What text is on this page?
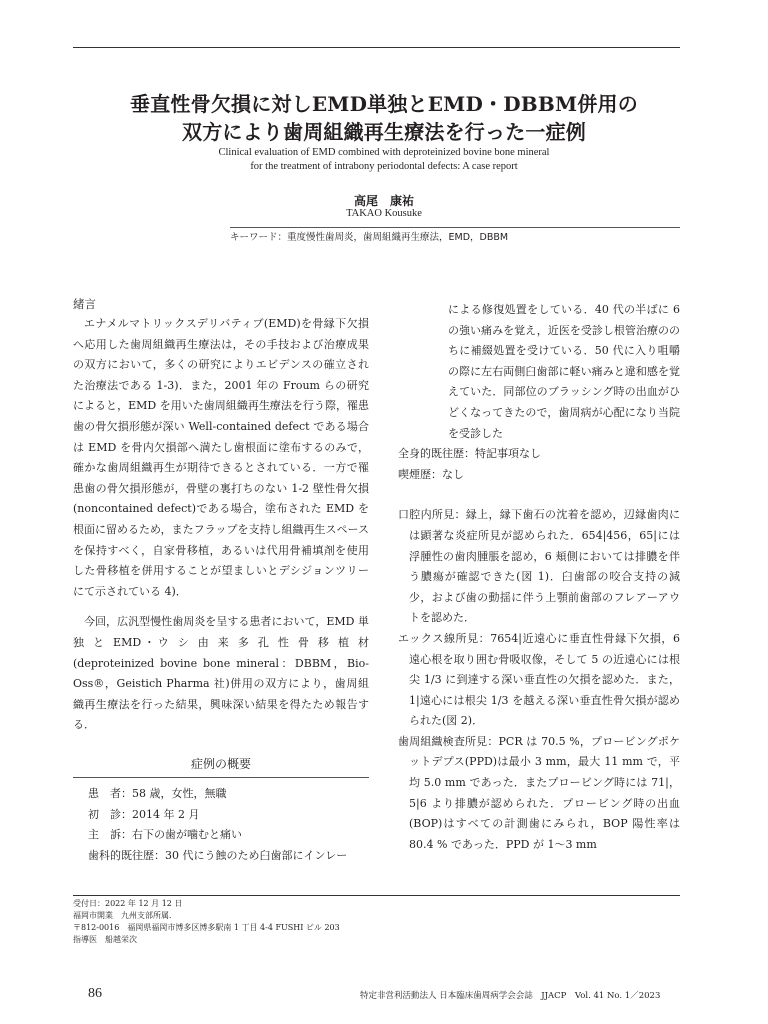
垂直性骨欠損に対しEMD単独とEMD・DBBM併用の
双方により歯周組織再生療法を行った一症例
Clinical evaluation of EMD combined with deproteinized bovine bone mineral
for the treatment of intrabony periodontal defects: A case report
高尾　康祐
TAKAO Kousuke
キーワード：重度慢性歯周炎，歯周組織再生療法，EMD，DBBM
緒言

エナメルマトリックスデリバティブ(EMD)を骨縁下欠損へ応用した歯周組織再生療法は，その手技および治療成果の双方において，多くの研究によりエビデンスの確立された治療法である 1-3)．また，2001 年の Froum らの研究によると，EMD を用いた歯周組織再生療法を行う際，罹患歯の骨欠損形態が深い Well-contained defect である場合は EMD を骨内欠損部へ満たし歯根面に塗布するのみで，確かな歯周組織再生が期待できるとされている．一方で罹患歯の骨欠損形態が，骨壁の裏打ちのない 1-2 壁性骨欠損(noncontained defect)である場合，塗布された EMD を根面に留めるため，またフラップを支持し組織再生スペースを保持すべく，自家骨移植，あるいは代用骨補填剤を使用した骨移植を併用することが望ましいとデシジョンツリーにて示されている 4)．

今回，広汎型慢性歯周炎を呈する患者において，EMD 単 独 と EMD・ウ シ 由 来 多 孔 性 骨 移 植 材(deproteinized bovine bone mineral：DBBM，Bio-Oss®，Geistich Pharma 社)併用の双方により，歯周組織再生療法を行った結果，興味深い結果を得たため報告する．

症例の概要
患　者：58 歳，女性，無職
初　診：2014 年 2 月
主　訴：右下の歯が噛むと痛い
歯科的既往歴：30 代にう蝕のため臼歯部にインレー

による修復処置をしている．40 代の半ばに 6 の強い痛みを覚え，近医を受診し根管治療ののちに補綴処置を受けている．50 代に入り咀嚼の際に左右両側臼歯部に軽い痛みと違和感を覚えていた．同部位のブラッシング時の出血がひどくなってきたので，歯周病が心配になり当院を受診した

全身的既往歴：特記事項なし

喫煙歴：なし

口腔内所見：縁上，縁下歯石の沈着を認め，辺縁歯肉には顕著な炎症所見が認められた．654|456，65|には浮腫性の歯肉腫脹を認め，6 頬側においては排膿を伴う膿瘍が確認できた(図 1)．臼歯部の咬合支持の減少，および歯の動揺に伴う上顎前歯部のフレアーアウトを認めた．

エックス線所見：7654|近遠心に垂直性骨縁下欠損，6 遠心根を取り囲む骨吸収像，そして 5 の近遠心には根尖 1/3 に到達する深い垂直性の欠損を認めた．また，1|遠心には根尖 1/3 を越える深い垂直性骨欠損が認められた(図 2)．

歯周組織検査所見：PCR は 70.5 %，プロービングポケットデプス(PPD)は最小 3 mm，最大 11 mm で，平均 5.0 mm であった．またプロービング時には 71|，5|6 より排膿が認められた．プロービング時の出血(BOP)はすべての計測歯にみられ，BOP 陽性率は 80.4 % であった．PPD が 1～3 mm

受付日：2022 年 12 月 12 日
福岡市開業　九州支部所属．
〒812-0016　福岡県福岡市博多区博多駅南 1 丁目 4-4 FUSHI ビル 203
指導医　船越栄次
86	特定非営利活動法人 日本臨床歯周病学会会誌　JJACP　Vol. 41 No. 1／2023
